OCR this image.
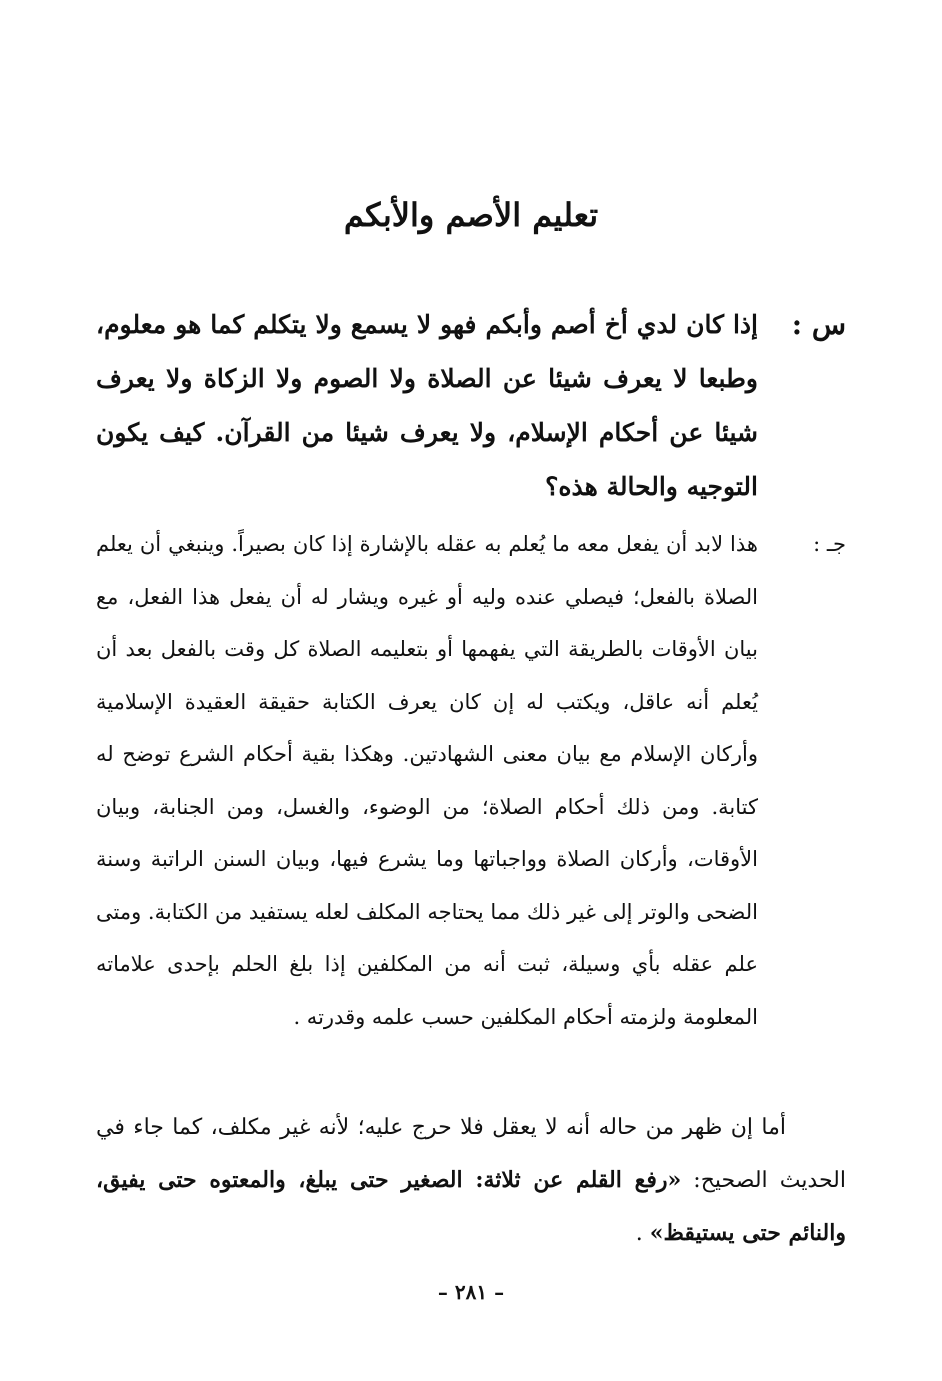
تعليم الأصم والأبكم
س :
إذا كان لدي أخ أصم وأبكم فهو لا يسمع ولا يتكلم كما هو معلوم، وطبعا لا يعرف شيئا عن الصلاة ولا الصوم ولا الزكاة ولا يعرف شيئا عن أحكام الإسلام، ولا يعرف شيئا من القرآن. كيف يكون التوجيه والحالة هذه؟
جـ :
هذا لابد أن يفعل معه ما يُعلم به عقله بالإشارة إذا كان بصيراً. وينبغي أن يعلم الصلاة بالفعل؛ فيصلي عنده وليه أو غيره ويشار له أن يفعل هذا الفعل، مع بيان الأوقات بالطريقة التي يفهمها أو بتعليمه الصلاة كل وقت بالفعل بعد أن يُعلم أنه عاقل، ويكتب له إن كان يعرف الكتابة حقيقة العقيدة الإسلامية وأركان الإسلام مع بيان معنى الشهادتين. وهكذا بقية أحكام الشرع توضح له كتابة. ومن ذلك أحكام الصلاة؛ من الوضوء، والغسل، ومن الجنابة، وبيان الأوقات، وأركان الصلاة وواجباتها وما يشرع فيها، وبيان السنن الراتبة وسنة الضحى والوتر إلى غير ذلك مما يحتاجه المكلف لعله يستفيد من الكتابة. ومتى علم عقله بأي وسيلة، ثبت أنه من المكلفين إذا بلغ الحلم بإحدى علاماته المعلومة ولزمته أحكام المكلفين حسب علمه وقدرته .

أما إن ظهر من حاله أنه لا يعقل فلا حرج عليه؛ لأنه غير مكلف، كما جاء في الحديث الصحيح: «رفع القلم عن ثلاثة: الصغير حتى يبلغ، والمعتوه حتى يفيق، والنائم حتى يستيقظ» .

– ٢٨١ –
